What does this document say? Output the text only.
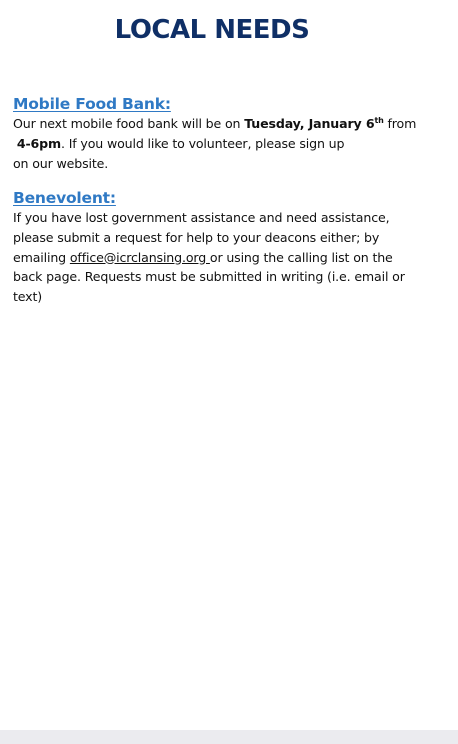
LOCAL NEEDS
Mobile Food Bank:

Our next mobile food bank will be on Tuesday, January 6th from
4-6pm. If you would like to volunteer, please sign up
on our website.

Benevolent:

If you have lost government assistance and need assistance,
please submit a request for help to your deacons either; by
emailing office@icrclansing.org or using the calling list on the
back page. Requests must be submitted in writing (i.e. email or
text)
